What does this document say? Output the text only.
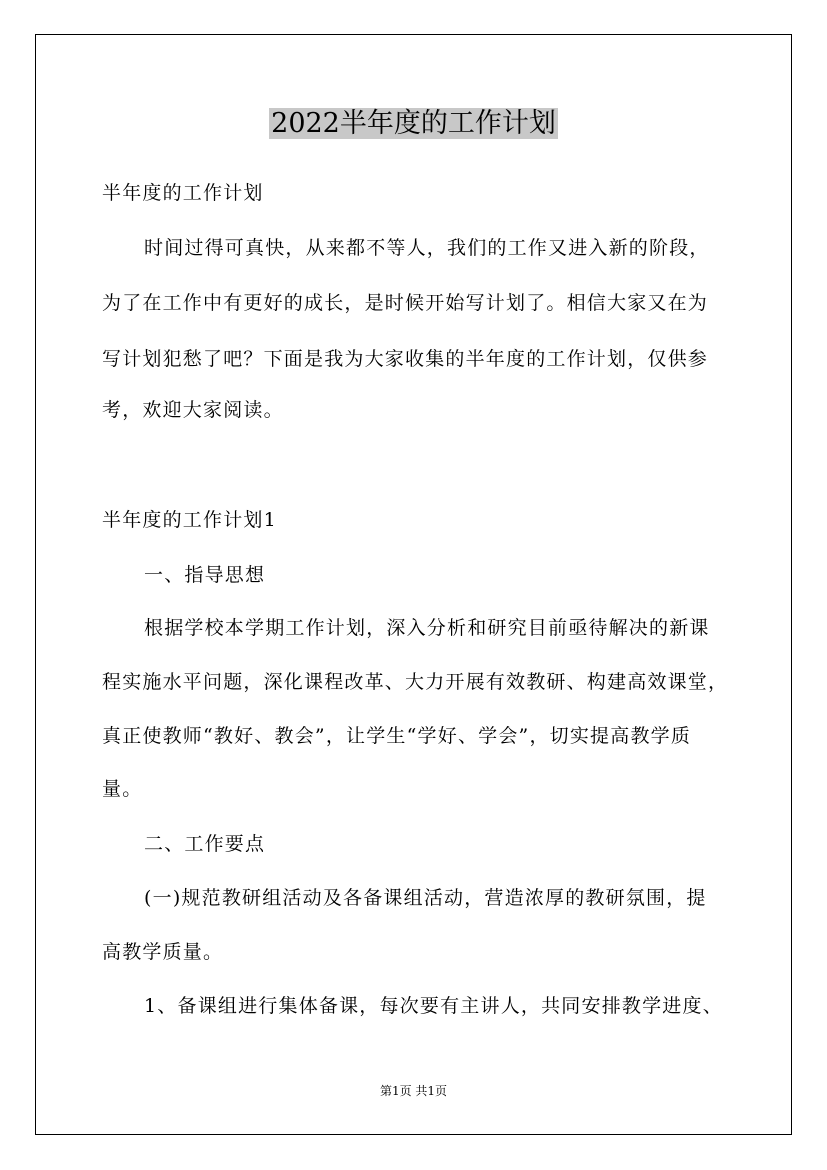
2022半年度的工作计划
半年度的工作计划
时间过得可真快，从来都不等人，我们的工作又进入新的阶段，
为了在工作中有更好的成长，是时候开始写计划了。相信大家又在为
写计划犯愁了吧？下面是我为大家收集的半年度的工作计划，仅供参
考，欢迎大家阅读。
半年度的工作计划1
一、指导思想
根据学校本学期工作计划，深入分析和研究目前亟待解决的新课
程实施水平问题，深化课程改革、大力开展有效教研、构建高效课堂，
真正使教师“教好、教会”，让学生“学好、学会”，切实提高教学质
量。
二、工作要点
(一)规范教研组活动及各备课组活动，营造浓厚的教研氛围，提
高教学质量。
1、备课组进行集体备课，每次要有主讲人，共同安排教学进度、
第1页 共1页
